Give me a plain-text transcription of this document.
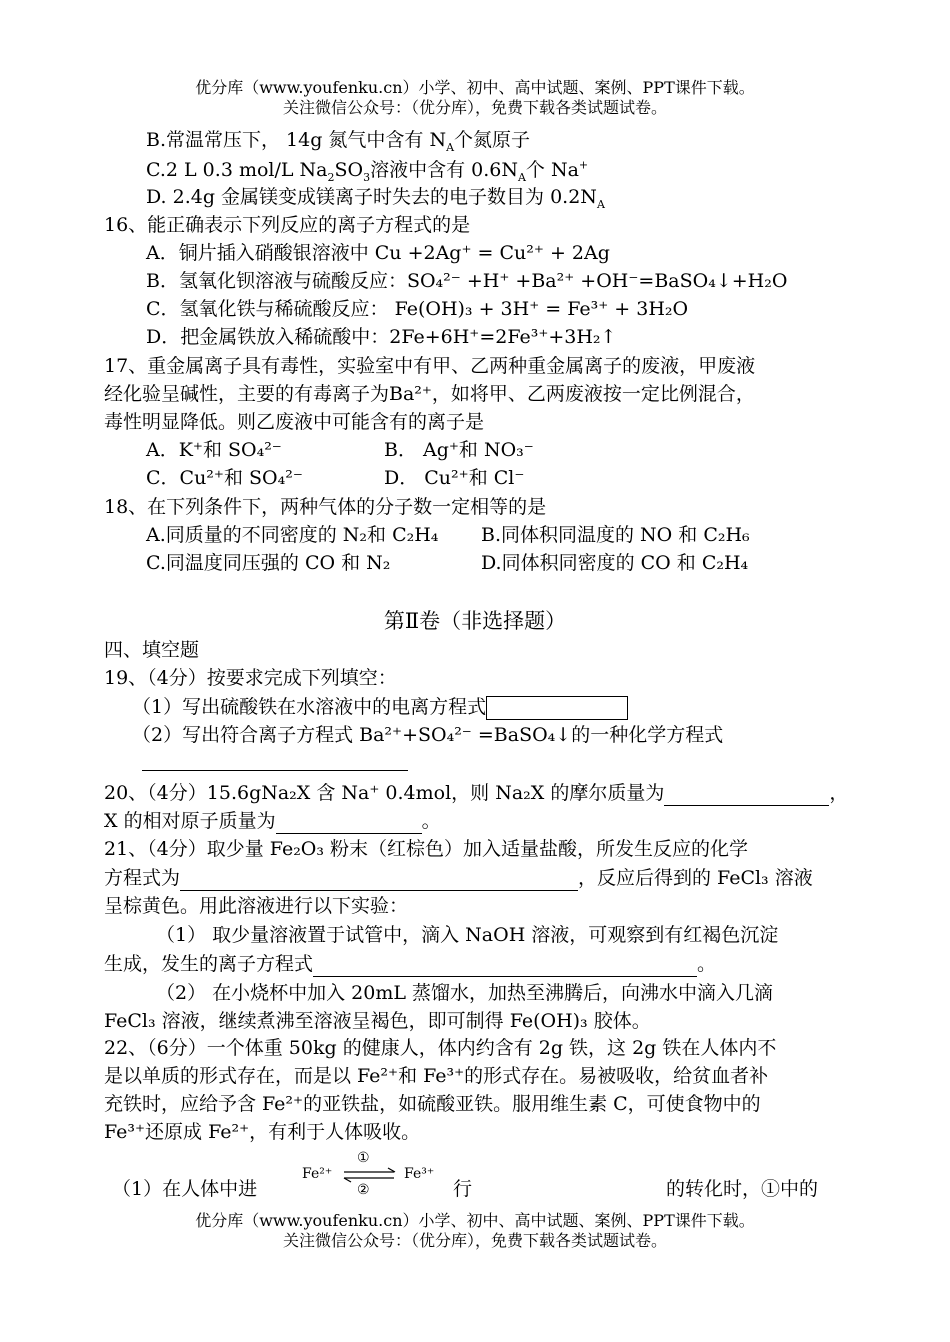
优分库（www.youfenku.cn）小学、初中、高中试题、案例、PPT课件下载。
关注微信公众号：（优分库），免费下载各类试题试卷。
B.常温常压下， 14g 氮气中含有 $N_A$个氮原子
C.2 L 0.3 mol/L $Na_2SO_3$溶液中含有 $0.6N_A$个 Na+
D. 2.4g 金属镁变成镁离子时失去的电子数目为 $0.2N_A$
16、能正确表示下列反应的离子方程式的是
A．铜片插入硝酸银溶液中 Cu +2Ag⁺ = Cu²⁺ + 2Ag
B．氢氧化钡溶液与硫酸反应：SO₄²⁻ +H⁺ +Ba²⁺ +OH⁻=BaSO₄↓+H₂O
C．氢氧化铁与稀硫酸反应： Fe(OH)₃ + 3H⁺ = Fe³⁺ + 3H₂O
D．把金属铁放入稀硫酸中：2Fe+6H⁺=2Fe³⁺+3H₂↑
17、重金属离子具有毒性，实验室中有甲、乙两种重金属离子的废液，甲废液
经化验呈碱性，主要的有毒离子为Ba²⁺，如将甲、乙两废液按一定比例混合，
毒性明显降低。则乙废液中可能含有的离子是
A．K⁺和 SO₄²⁻	B． Ag⁺和 NO₃⁻
C．Cu²⁺和 SO₄²⁻	D． Cu²⁺和 Cl⁻
18、在下列条件下，两种气体的分子数一定相等的是
A.同质量的不同密度的 N₂和 C₂H₄ B.同体积同温度的 NO 和 C₂H₆
C.同温度同压强的 CO 和 N₂	D.同体积同密度的 CO 和 C₂H₄
第Ⅱ卷（非选择题）
四、填空题
19、（4分）按要求完成下列填空：
（1）写出硫酸铁在水溶液中的电离方程式
（2）写出符合离子方程式 Ba²⁺+SO₄²⁻ =BaSO₄↓的一种化学方程式
20、（4分）15.6gNa₂X 含 Na⁺ 0.4mol，则 Na₂X 的摩尔质量为	，
X 的相对原子质量为	。
21、（4分）取少量 Fe₂O₃ 粉末（红棕色）加入适量盐酸，所发生反应的化学
方程式为	，反应后得到的 FeCl₃ 溶液
呈棕黄色。用此溶液进行以下实验：
（1） 取少量溶液置于试管中，滴入 NaOH 溶液，可观察到有红褐色沉淀
生成，发生的离子方程式	。
（2） 在小烧杯中加入 20mL 蒸馏水，加热至沸腾后，向沸水中滴入几滴
FeCl₃ 溶液，继续煮沸至溶液呈褐色，即可制得 Fe(OH)₃ 胶体。
22、（6分）一个体重 50kg 的健康人，体内约含有 2g 铁，这 2g 铁在人体内不
是以单质的形式存在，而是以 Fe²⁺和 Fe³⁺的形式存在。易被吸收，给贫血者补
充铁时，应给予含 Fe²⁺的亚铁盐，如硫酸亚铁。服用维生素 C，可使食物中的
Fe³⁺还原成 Fe²⁺，有利于人体吸收。
Fe²⁺	Fe³⁺
①
②
（1）在人体中进	行	的转化时，①中的
优分库（www.youfenku.cn）小学、初中、高中试题、案例、PPT课件下载。
关注微信公众号：（优分库），免费下载各类试题试卷。
